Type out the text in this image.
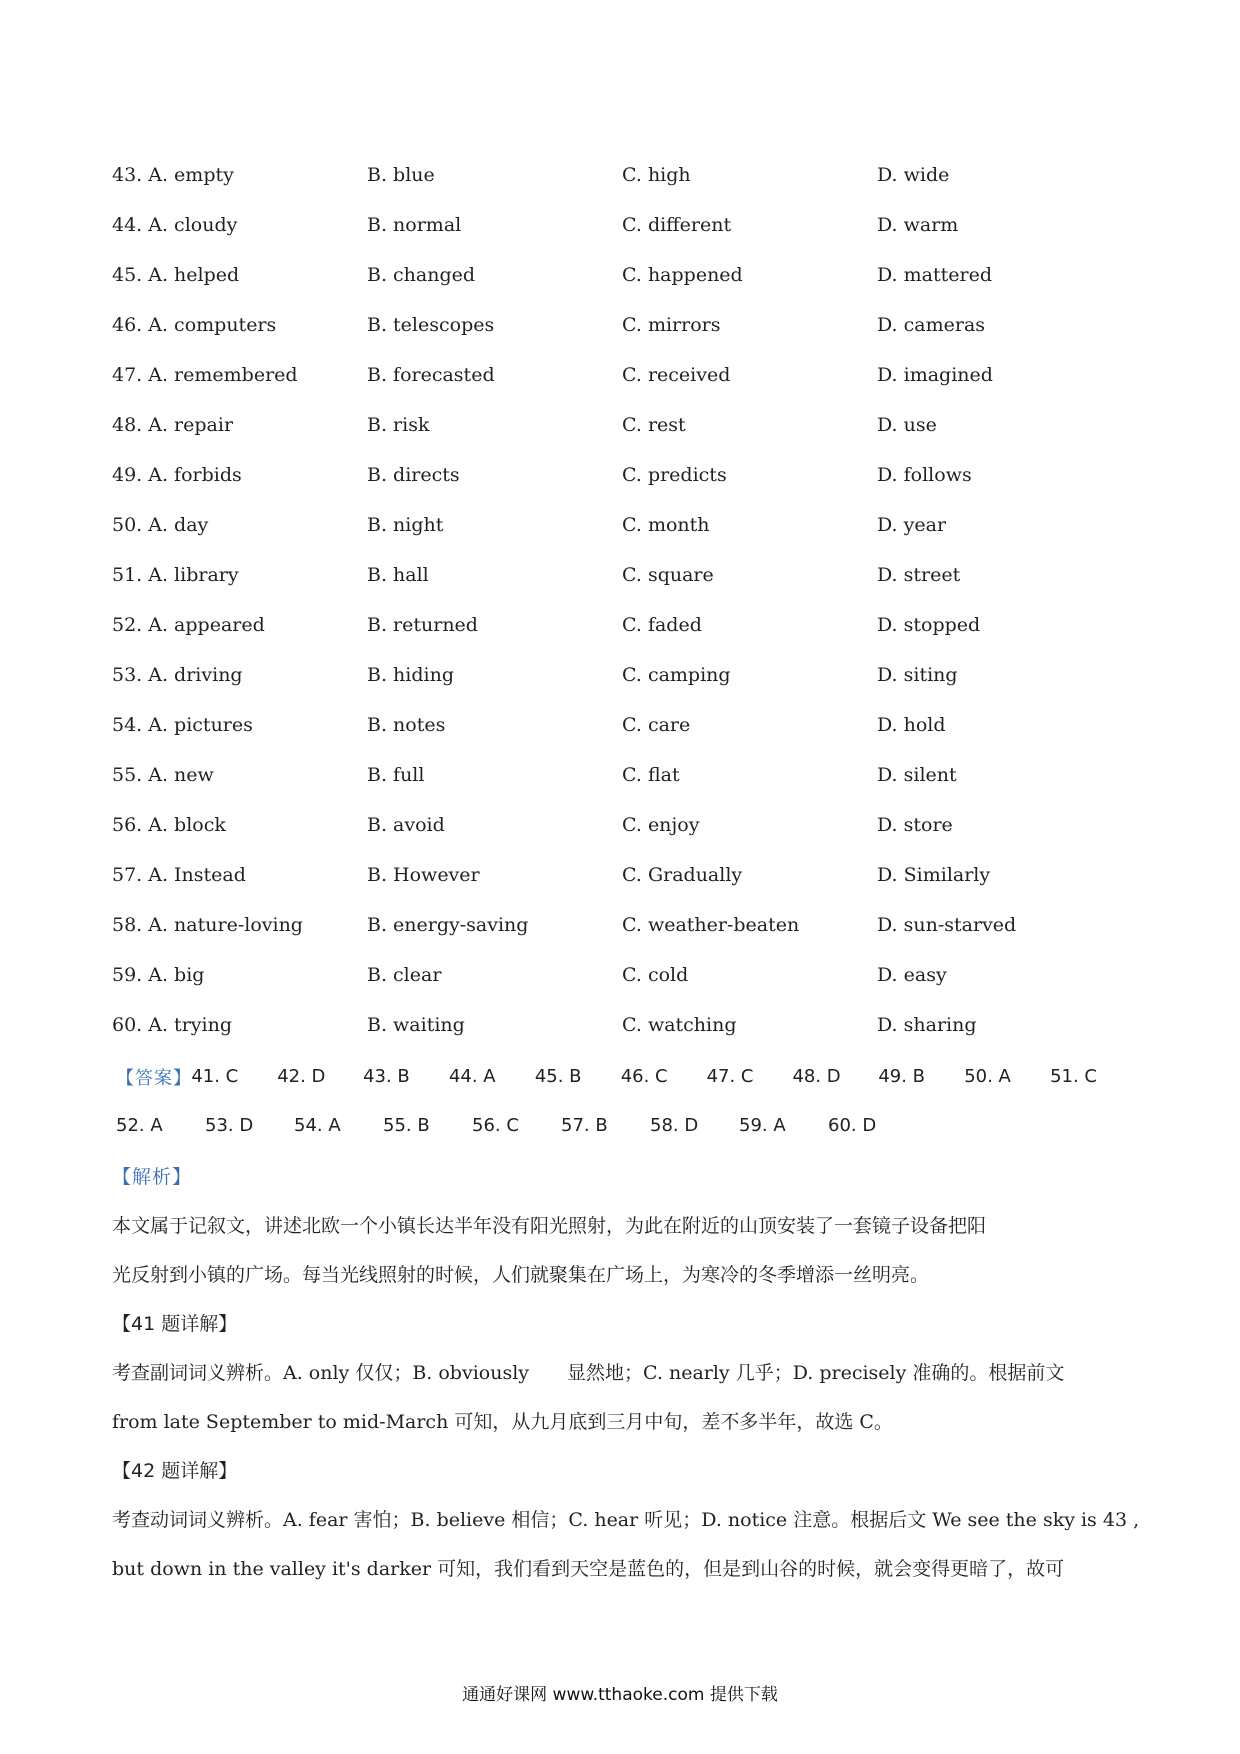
43. A. empty	B. blue	C. high	D. wide
44. A. cloudy	B. normal	C. different	D. warm
45. A. helped	B. changed	C. happened	D. mattered
46. A. computers	B. telescopes	C. mirrors	D. cameras
47. A. remembered	B. forecasted	C. received	D. imagined
48. A. repair	B. risk	C. rest	D. use
49. A. forbids	B. directs	C. predicts	D. follows
50. A. day	B. night	C. month	D. year
51. A. library	B. hall	C. square	D. street
52. A. appeared	B. returned	C. faded	D. stopped
53. A. driving	B. hiding	C. camping	D. siting
54. A. pictures	B. notes	C. care	D. hold
55. A. new	B. full	C. flat	D. silent
56. A. block	B. avoid	C. enjoy	D. store
57. A. Instead	B. However	C. Gradually	D. Similarly
58. A. nature-loving	B. energy-saving	C. weather-beaten	D. sun-starved
59. A. big	B. clear	C. cold	D. easy
60. A. trying	B. waiting	C. watching	D. sharing
【答案】 41. C	42. D	43. B	44. A	45. B	46. C	47. C	48. D	49. B	50. A	51. C
52. A	53. D	54. A	55. B	56. C	57. B	58. D	59. A	60. D
【解析】
本文属于记叙文，讲述北欧一个小镇长达半年没有阳光照射，为此在附近的山顶安装了一套镜子设备把阳
光反射到小镇的广场。每当光线照射的时候，人们就聚集在广场上，为寒冷的冬季增添一丝明亮。
【41 题详解】
考查副词词义辨析。A. only 仅仅；B. obviously　　显然地；C. nearly 几乎；D. precisely 准确的。根据前文
from late September to mid-March 可知，从九月底到三月中旬，差不多半年，故选 C。
【42 题详解】
考查动词词义辨析。A. fear 害怕；B. believe 相信；C. hear 听见；D. notice 注意。根据后文 We see the sky is 43 ,
but down in the valley it's darker 可知，我们看到天空是蓝色的，但是到山谷的时候，就会变得更暗了，故可
通通好课网 www.tthaoke.com 提供下载
